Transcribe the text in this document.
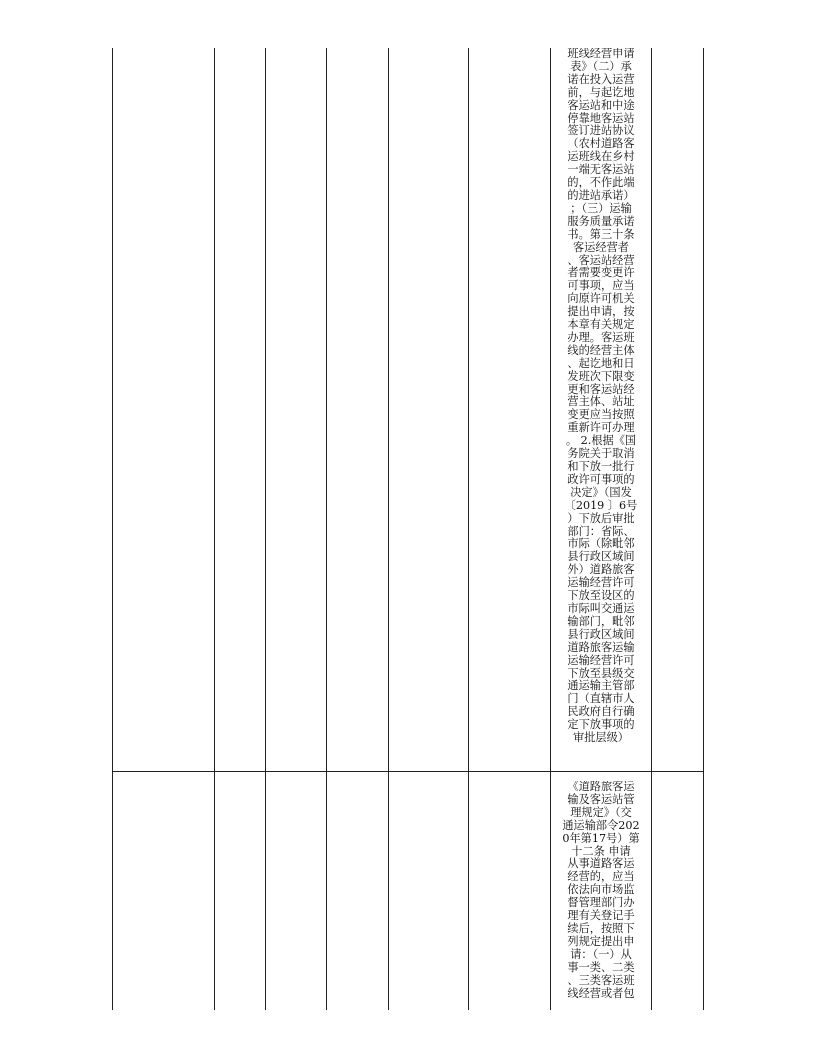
班线经营申请
表》（二）承
诺在投入运营
前，与起讫地
客运站和中途
停靠地客运站
签订进站协议
（农村道路客
运班线在乡村
一端无客运站
的，不作此端
的进站承诺）
；（三）运输
服务质量承诺
书。第三十条
客运经营者
、客运站经营
者需要变更许
可事项，应当
向原许可机关
提出申请，按
本章有关规定
办理。客运班
线的经营主体
、起讫地和日
发班次下限变
更和客运站经
营主体、站址
变更应当按照
重新许可办理
。 2.根据《国
务院关于取消
和下放一批行
政许可事项的
决定》（国发
〔2019 〕6号
）下放后审批
部门：省际、
市际（除毗邻
县行政区域间
外）道路旅客
运输经营许可
下放至设区的
市际叫交通运
输部门，毗邻
县行政区域间
道路旅客运输
运输经营许可
下放至县级交
通运输主管部
门（直辖市人
民政府自行确
定下放事项的
审批层级）
《道路旅客运
输及客运站管
理规定》（交
通运输部令202
0年第17号）第
十二条 申请
从事道路客运
经营的，应当
依法向市场监
督管理部门办
理有关登记手
续后，按照下
列规定提出申
请：（一）从
事一类、二类
、三类客运班
线经营或者包
